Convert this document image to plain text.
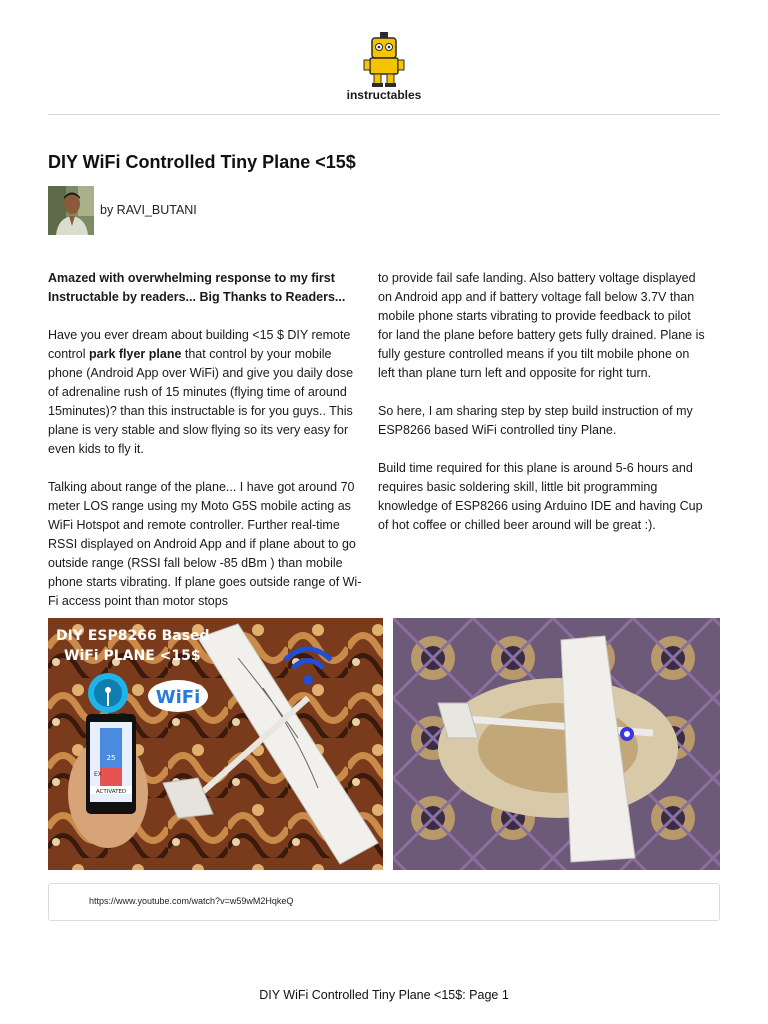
instructables
DIY WiFi Controlled Tiny Plane <15$
by RAVI_BUTANI

Amazed with overwhelming response to my first Instructable by readers... Big Thanks to Readers...

Have you ever dream about building <15 $ DIY remote control park flyer plane that control by your mobile phone (Android App over WiFi) and give you daily dose of adrenaline rush of 15 minutes (flying time of around 15minutes)? than this instructable is for you guys.. This plane is very stable and slow flying so its very easy for even kids to fly it.

Talking about range of the plane... I have got around 70 meter LOS range using my Moto G5S mobile acting as WiFi Hotspot and remote controller. Further real-time RSSI displayed on Android App and if plane about to go outside range (RSSI fall below -85 dBm ) than mobile phone starts vibrating. If plane goes outside range of Wi-Fi access point than motor stops

to provide fail safe landing. Also battery voltage displayed on Android app and if battery voltage fall below 3.7V than mobile phone starts vibrating to provide feedback to pilot for land the plane before battery gets fully drained. Plane is fully gesture controlled means if you tilt mobile phone on left than plane turn left and opposite for right turn.

So here, I am sharing step by step build instruction of my ESP8266 based WiFi controlled tiny Plane.

Build time required for this plane is around 5-6 hours and requires basic soldering skill, little bit programming knowledge of ESP8266 using Arduino IDE and having Cup of hot coffee or chilled beer around will be great :).

WiFi
DIY ESP8266 Based
WiFi PLANE <15$
25
EX
ACTIVATED
https://www.youtube.com/watch?v=w59wM2HqkeQ
DIY WiFi Controlled Tiny Plane <15$: Page 1
